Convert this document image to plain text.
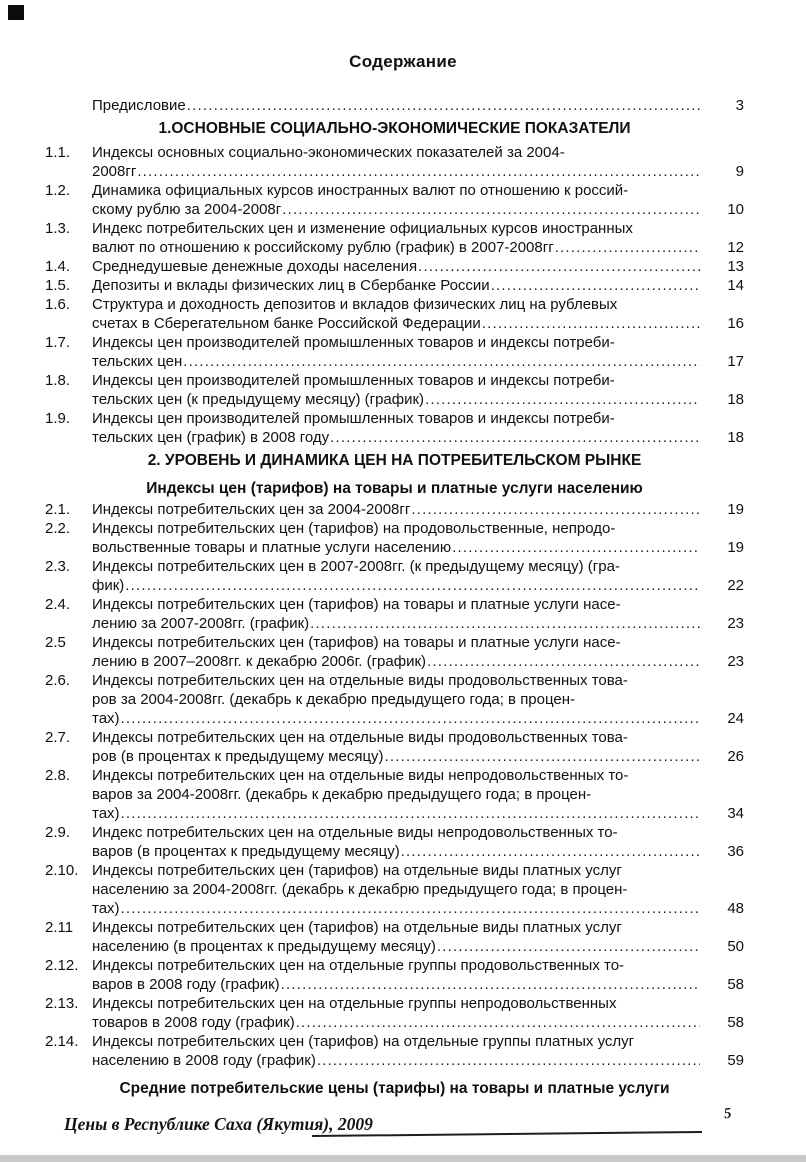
Содержание
Предисловие .....	3
1.ОСНОВНЫЕ СОЦИАЛЬНО-ЭКОНОМИЧЕСКИЕ ПОКАЗАТЕЛИ
1.1.	Индексы основных социально-экономических показателей за 2004-
2008гг .....	9
1.2.	Динамика официальных курсов иностранных валют по отношению к россий-
скому рублю за 2004-2008г .....	10
1.3.	Индекс потребительских цен и изменение официальных курсов иностранных
валют по отношению к российскому рублю (график) в 2007-2008гг .....	12
1.4.	Среднедушевые денежные доходы населения .....	13
1.5.	Депозиты и вклады физических лиц в Сбербанке России .....	14
1.6.	Структура и доходность депозитов и вкладов физических лиц на рублевых
счетах в Сберегательном банке Российской Федерации .....	16
1.7.	Индексы цен производителей промышленных товаров и индексы потреби-
тельских цен .....	17
1.8.	Индексы цен производителей промышленных товаров и индексы потреби-
тельских цен (к предыдущему месяцу) (график) .....	18
1.9.	Индексы цен производителей промышленных товаров и индексы потреби-
тельских цен (график) в 2008 году .....	18
2. УРОВЕНЬ И ДИНАМИКА ЦЕН НА ПОТРЕБИТЕЛЬСКОМ РЫНКЕ
Индексы цен (тарифов) на товары и платные услуги населению
2.1.	Индексы потребительских цен за 2004-2008гг .....	19
2.2.	Индексы потребительских цен (тарифов) на продовольственные, непродо-
вольственные товары и платные услуги населению .....	19
2.3.	Индексы потребительских цен в 2007-2008гг. (к предыдущему месяцу) (гра-
фик) .....	22
2.4.	Индексы потребительских цен (тарифов) на товары и платные услуги насе-
лению за 2007-2008гг. (график) .....	23
2.5	Индексы потребительских цен (тарифов) на товары и платные услуги насе-
лению в 2007–2008гг. к декабрю 2006г. (график) .....	23
2.6.	Индексы потребительских цен на отдельные виды продовольственных това-
ров за 2004-2008гг. (декабрь к декабрю предыдущего года; в процен-
тах) .....	24
2.7.	Индексы потребительских цен на отдельные виды продовольственных това-
ров (в процентах к предыдущему месяцу) .....	26
2.8.	Индексы потребительских цен на отдельные виды непродовольственных то-
варов за 2004-2008гг. (декабрь к декабрю предыдущего года; в процен-
тах) .....	34
2.9.	Индекс потребительских цен на отдельные виды непродовольственных то-
варов (в процентах к предыдущему месяцу) .....	36
2.10. Индексы потребительских цен (тарифов) на отдельные виды платных услуг
населению за 2004-2008гг. (декабрь к декабрю предыдущего года; в процен-
тах) .....	48
2.11	Индексы потребительских цен (тарифов) на отдельные виды платных услуг
населению (в процентах к предыдущему месяцу) .....	50
2.12. Индексы потребительских цен на отдельные группы продовольственных то-
варов в 2008 году (график) .....	58
2.13. Индексы потребительских цен на отдельные группы непродовольственных
товаров в 2008 году (график) .....	58
2.14. Индексы потребительских цен (тарифов) на отдельные группы платных услуг
населению в 2008 году (график) .....	59
Средние потребительские цены (тарифы) на товары и платные услуги
Цены в Республике Саха (Якутия), 2009	5
